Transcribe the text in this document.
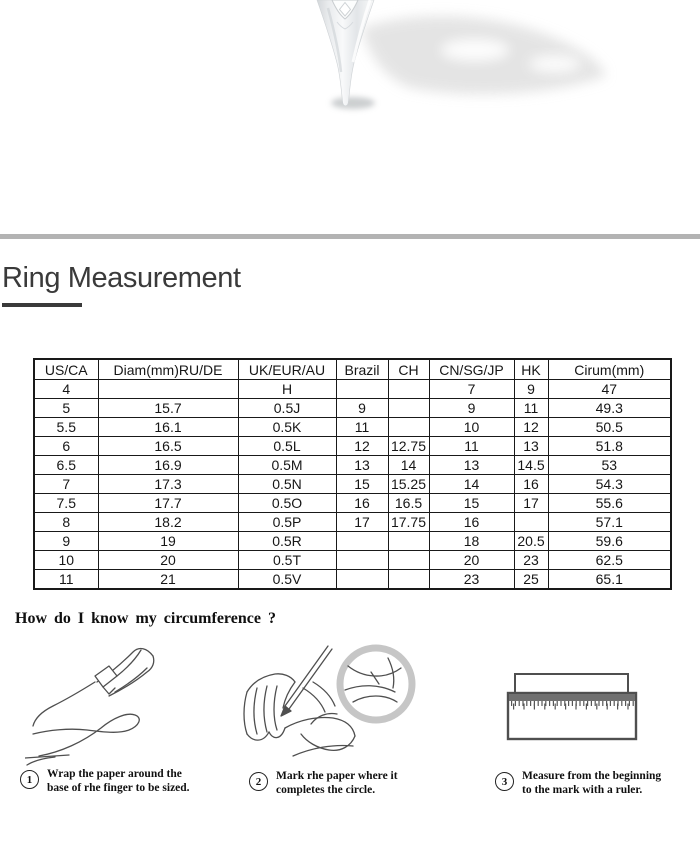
Ring Measurement
US/CA	Diam(mm)RU/DE	UK/EUR/AU	Brazil	CH	CN/SG/JP	HK	Cirum(mm)
4		H			7	9	47
5	15.7	0.5J	9		9	11	49.3
5.5	16.1	0.5K	11		10	12	50.5
6	16.5	0.5L	12	12.75	11	13	51.8
6.5	16.9	0.5M	13	14	13	14.5	53
7	17.3	0.5N	15	15.25	14	16	54.3
7.5	17.7	0.5O	16	16.5	15	17	55.6
8	18.2	0.5P	17	17.75	16		57.1
9	19	0.5R			18	20.5	59.6
10	20	0.5T			20	23	62.5
11	21	0.5V			23	25	65.1
How do I know my circumference ?
1	Wrap the paper around the
base of rhe finger to be sized.	2	Mark rhe paper where it
completes the circle.
3	Measure from the beginning
to the mark with a ruler.
